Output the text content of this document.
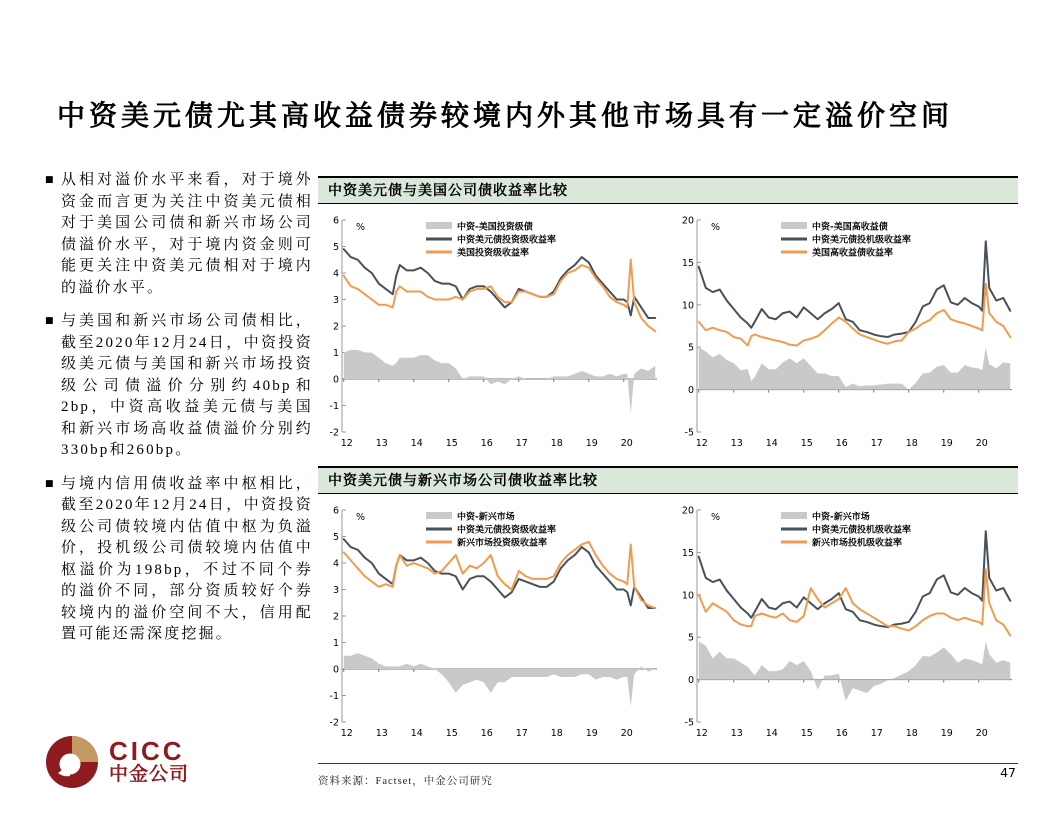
中资美元债尤其高收益债券较境内外其他市场具有一定溢价空间
■ 从相对溢价水平来看，对于境外资金而言更为关注中资美元债相对于美国公司债和新兴市场公司债溢价水平，对于境内资金则可能更关注中资美元债相对于境内的溢价水平。
■ 与美国和新兴市场公司债相比，截至2020年12月24日，中资投资级美元债与美国和新兴市场投资级公司债溢价分别约40bp和2bp，中资高收益美元债与美国和新兴市场高收益债溢价分别约330bp和260bp。
■ 与境内信用债收益率中枢相比，截至2020年12月24日，中资投资级公司债较境内估值中枢为负溢价，投机级公司债较境内估值中枢溢价为198bp，不过不同个券的溢价不同，部分资质较好个券较境内的溢价空间不大，信用配置可能还需深度挖掘。
中资美元债与美国公司债收益率比较
6
5
4
3
2
1
0
-1
-2
12 13 14 15 16 17 18 19 20
%	中资-美国投资级债
中资美元债投资级收益率
美国投资级收益率
20
15
10
5
0
-5
12 13 14 15 16 17 18 19 20
%	中资-美国高收益债
中资美元债投机级收益率
美国高收益债收益率
中资美元债与新兴市场公司债收益率比较
6
5
4
3
2
1
0
-1
-2
12 13 14 15 16 17 18 19 20
%	中资-新兴市场
中资美元债投资级收益率
新兴市场投资级收益率
20
15
10
5
0
-5
12 13 14 15 16 17 18 19 20
%	中资-新兴市场
中资美元债投机级收益率
新兴市场投机级收益率
资料来源：Factset，中金公司研究
47
CICC
中金公司
